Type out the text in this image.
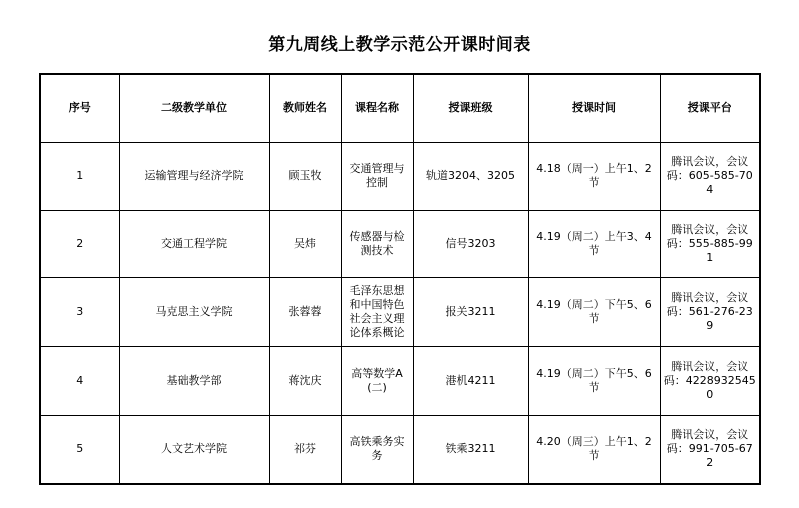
第九周线上教学示范公开课时间表
序号	二级教学单位	教师姓名	课程名称	授课班级	授课时间	授课平台
1	运输管理与经济学院	顾玉牧	交通管理与控制	轨道3204、3205	4.18（周一）上午1、2节	腾讯会议，会议码：605-585-704
2	交通工程学院	吴炜	传感器与检测技术	信号3203	4.19（周二）上午3、4节	腾讯会议，会议码：555-885-991
3	马克思主义学院	张蓉蓉	毛泽东思想和中国特色社会主义理论体系概论	报关3211	4.19（周二）下午5、6节	腾讯会议，会议码：561-276-239
4	基础教学部	蒋沈庆	高等数学A(二)	港机4211	4.19（周二）下午5、6节	腾讯会议，会议码：42289325450
5	人文艺术学院	祁芬	高铁乘务实务	铁乘3211	4.20（周三）上午1、2节	腾讯会议，会议码：991-705-672
